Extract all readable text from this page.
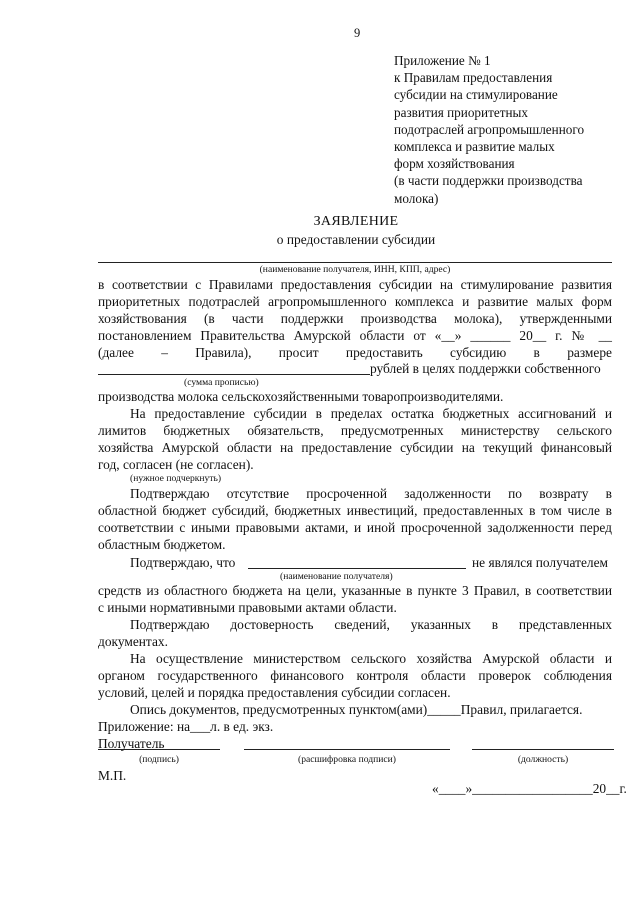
9
Приложение № 1
к Правилам предоставления
субсидии на стимулирование
развития приоритетных
подотраслей агропромышленного
комплекса и развитие малых
форм хозяйствования
(в части поддержки производства
молока)
ЗАЯВЛЕНИЕ
о предоставлении субсидии
(наименование получателя, ИНН, КПП, адрес)
в соответствии с Правилами предоставления субсидии на стимулирование развития
приоритетных подотраслей агропромышленного комплекса и развитие малых форм
хозяйствования (в части поддержки производства молока), утвержденными
постановлением Правительства Амурской области от «__» ______ 20__ г. № __
(далее – Правила), просит предоставить субсидию в размере
рублей в целях поддержки собственного
(сумма прописью)
производства молока сельскохозяйственными товаропроизводителями.
На предоставление субсидии в пределах остатка бюджетных ассигнований и
лимитов бюджетных обязательств, предусмотренных министерству сельского
хозяйства Амурской области на предоставление субсидии на текущий финансовый
год, согласен (не согласен).
(нужное подчеркнуть)
Подтверждаю отсутствие просроченной задолженности по возврату в
областной бюджет субсидий, бюджетных инвестиций, предоставленных в том числе в
соответствии с иными правовыми актами, и иной просроченной задолженности перед
областным бюджетом.
Подтверждаю, что	не являлся получателем
(наименование получателя)
средств из областного бюджета на цели, указанные в пункте 3 Правил, в соответствии
с иными нормативными правовыми актами области.
Подтверждаю достоверность сведений, указанных в представленных
документах.
На осуществление министерством сельского хозяйства Амурской области и
органом государственного финансового контроля области проверок соблюдения
условий, целей и порядка предоставления субсидии согласен.
Опись документов, предусмотренных пунктом(ами)_____Правил, прилагается.
Приложение: на___л. в ед. экз.
Получатель
(подпись)	(расшифровка подписи)	(должность)
М.П.
«____»__________________20__г.
